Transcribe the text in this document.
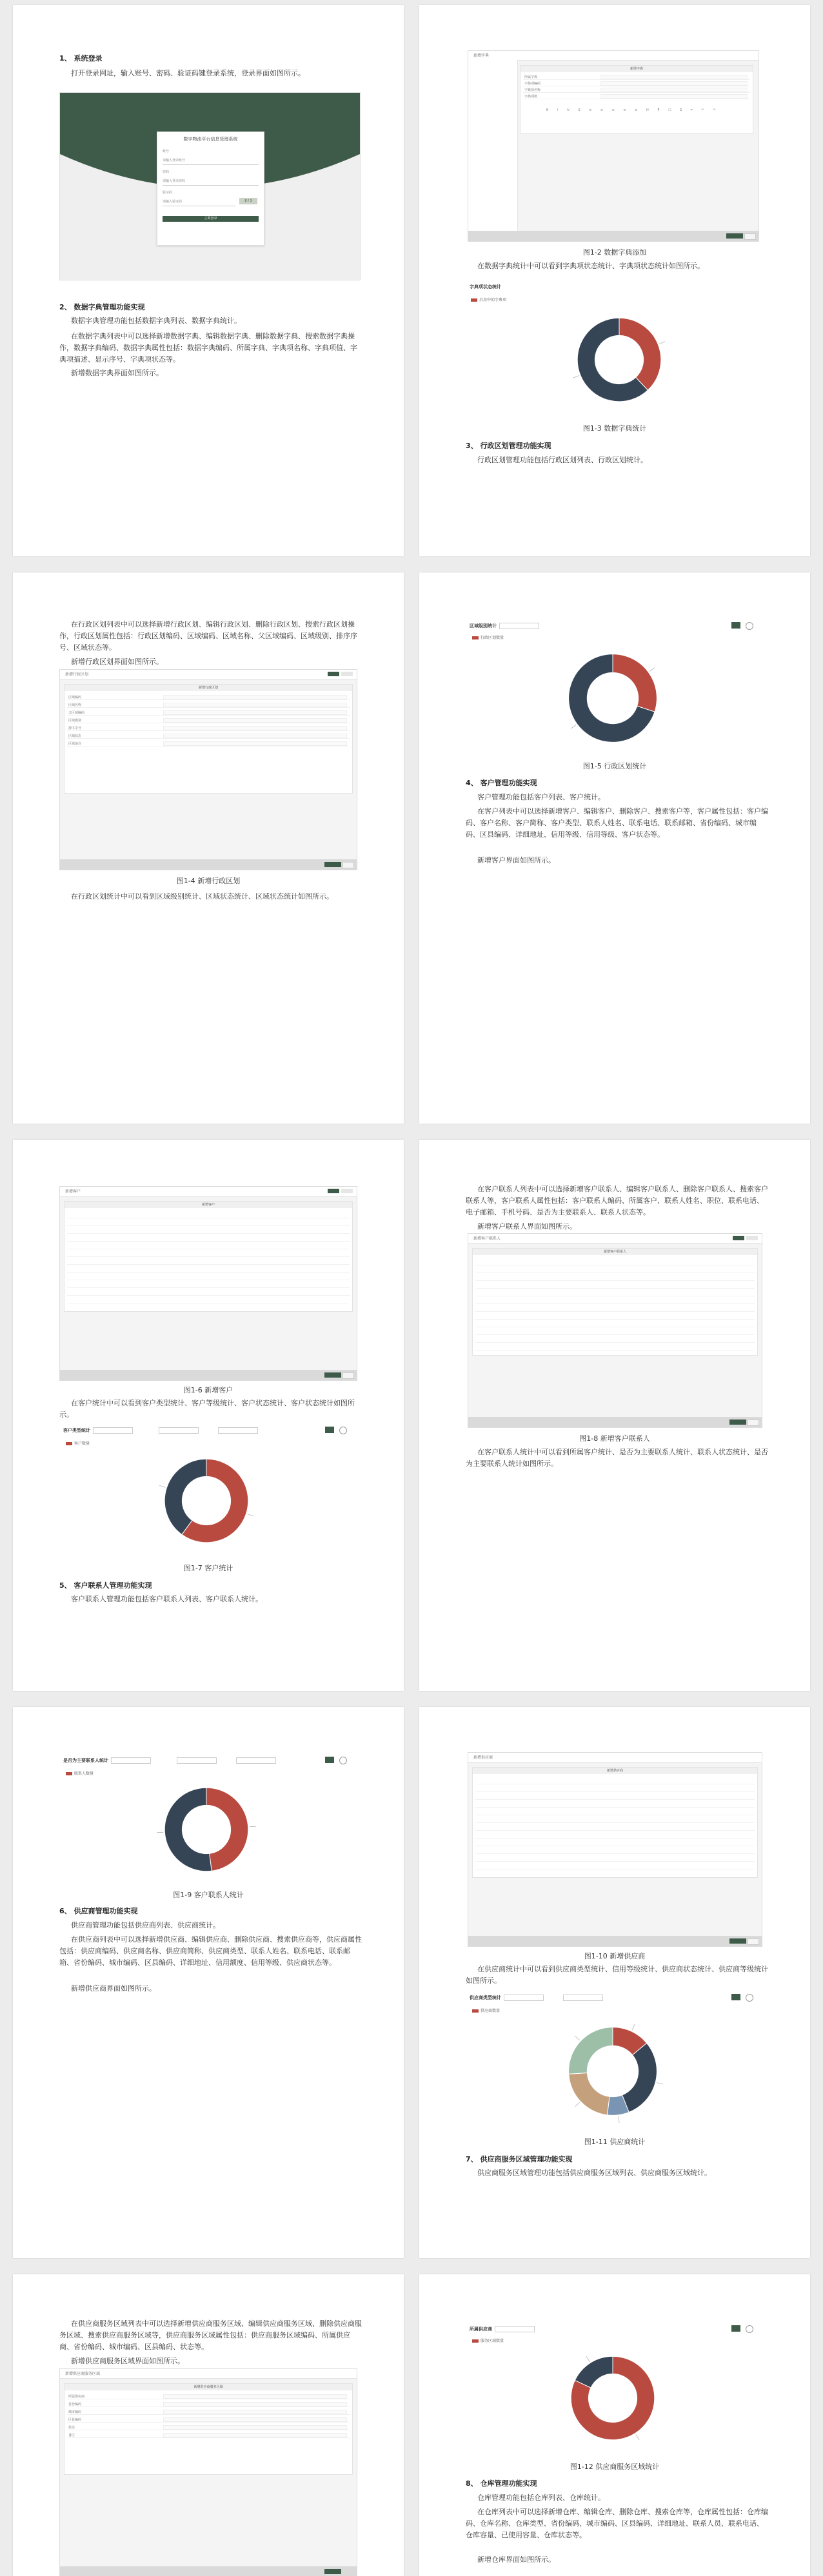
1、 系统登录
打开登录网址，输入账号、密码、验证码键登录系统，登录界面如图所示。
数字物流平台信息管理系统
账号
请输入登录账号
密码
请输入登录密码
验证码
请输入验证码	8 f 3
立即登录
2、 数据字典管理功能实现
数据字典管理功能包括数据字典列表、数据字典统计。
在数据字典列表中可以选择新增数据字典、编辑数据字典、删除数据字典、搜索数据字典操作，数据字典编码、数据字典属性包括：数据字典编码、所属字典、字典项名称、字典项值、字典项描述、显示序号、字典项状态等。
新增数据字典界面如图所示。
新增字典
新增字典
所属字典
字典项编码
字典项名称
字典项值
B I U S ≡ ≡ ≡ ≡ ≡ H ¶ ☐ ⌸ ⌗ ↶ ↷
图1-2 数据字典添加
在数据字典统计中可以看到字典项状态统计、字典项状态统计如图所示。
字典项状态统计
启用中的字典项
图1-3 数据字典统计
3、 行政区划管理功能实现
行政区划管理功能包括行政区划列表、行政区划统计。
在行政区划列表中可以选择新增行政区划、编辑行政区划、删除行政区划、搜索行政区划操作，行政区划属性包括：行政区划编码、区域编码、区域名称、父区域编码、区域级别、排序序号、区域状态等。
新增行政区划界面如图所示。
新增行政区划
新增行政区划
区域编码
区域名称
父区域编码
区域级别
排序序号
区域状态
区域备注
图1-4 新增行政区划
在行政区划统计中可以看到区域级别统计、区域状态统计、区域状态统计如图所示。
区域级别统计
行政区划数量
图1-5 行政区划统计
4、 客户管理功能实现
客户管理功能包括客户列表、客户统计。
在客户列表中可以选择新增客户、编辑客户、删除客户、搜索客户等，客户属性包括：客户编码、客户名称、客户简称、客户类型、联系人姓名、联系电话、联系邮箱、省份编码、城市编码、区县编码、详细地址、信用等级、信用等级、客户状态等。
新增客户界面如图所示。
新增客户
新增客户
图1-6 新增客户
在客户统计中可以看到客户类型统计、客户等级统计、客户状态统计、客户状态统计如图所示。
客户类型统计
客户数量
图1-7 客户统计
5、 客户联系人管理功能实现
客户联系人管理功能包括客户联系人列表、客户联系人统计。
在客户联系人列表中可以选择新增客户联系人、编辑客户联系人、删除客户联系人、搜索客户联系人等，客户联系人属性包括：客户联系人编码、所属客户、联系人姓名、职位、联系电话、电子邮箱、手机号码、是否为主要联系人、联系人状态等。
新增客户联系人界面如图所示。
新增客户联系人
新增客户联系人
图1-8 新增客户联系人
在客户联系人统计中可以看到所属客户统计、是否为主要联系人统计、联系人状态统计、是否为主要联系人统计如图所示。
是否为主要联系人统计
联系人数量
图1-9 客户联系人统计
6、 供应商管理功能实现
供应商管理功能包括供应商列表、供应商统计。
在供应商列表中可以选择新增供应商、编辑供应商、删除供应商、搜索供应商等，供应商属性包括：供应商编码、供应商名称、供应商简称、供应商类型、联系人姓名、联系电话、联系邮箱、省份编码、城市编码、区县编码、详细地址、信用额度、信用等级、供应商状态等。
新增供应商界面如图所示。
新增供应商
新增供应商
图1-10 新增供应商
在供应商统计中可以看到供应商类型统计、信用等级统计、供应商状态统计、供应商等级统计如图所示。
供应商类型统计
供应商数量
图1-11 供应商统计
7、 供应商服务区域管理功能实现
供应商服务区域管理功能包括供应商服务区域列表、供应商服务区域统计。
在供应商服务区域列表中可以选择新增供应商服务区域、编辑供应商服务区域、删除供应商服务区域、搜索供应商服务区域等，供应商服务区域属性包括：供应商服务区域编码、所属供应商、省份编码、城市编码、区县编码、状态等。
新增供应商服务区域界面如图所示。
新增供应商服务区域
新增供应商服务区域
所属供应商
省份编码
城市编码
区县编码
状态
备注
所属供应商
服务区域数量
图1-12 供应商服务区域统计
8、 仓库管理功能实现
仓库管理功能包括仓库列表、仓库统计。
在仓库列表中可以选择新增仓库、编辑仓库、删除仓库、搜索仓库等，仓库属性包括：仓库编码、仓库名称、仓库类型、省份编码、城市编码、区县编码、详细地址、联系人员、联系电话、仓库容量、已使用容量、仓库状态等。
新增仓库界面如图所示。
